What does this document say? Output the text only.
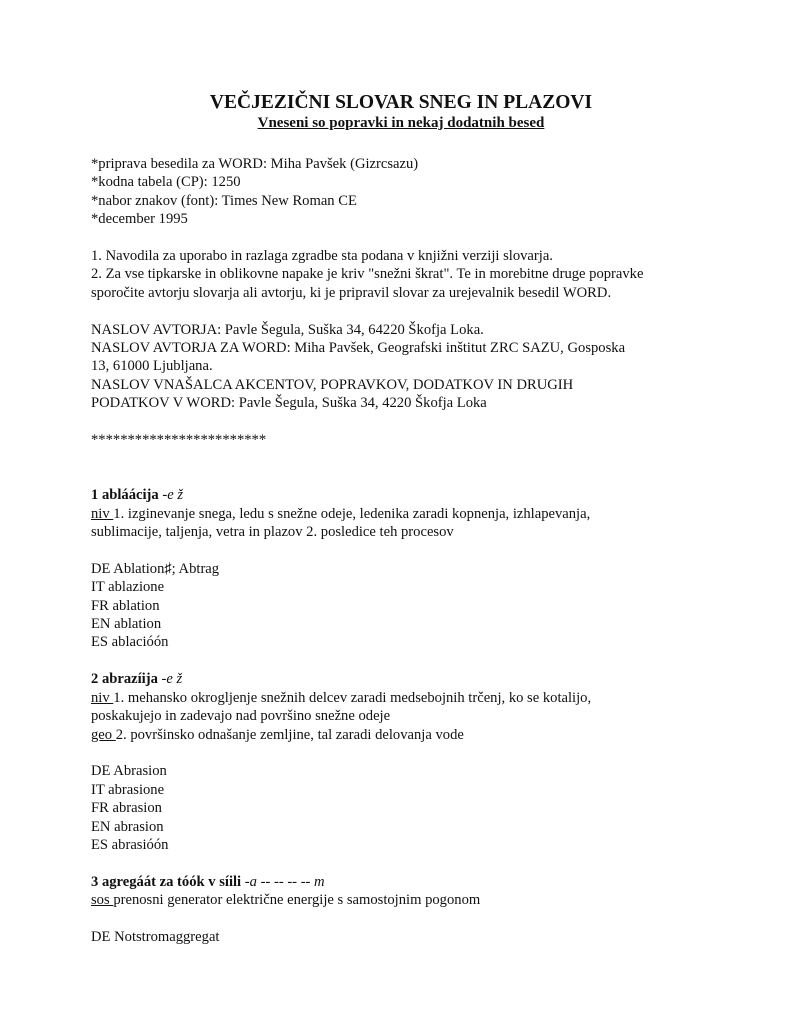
VEČJEZIČNI SLOVAR SNEG IN PLAZOVI

Vneseni so popravki in nekaj dodatnih besed

*priprava besedila za WORD: Miha Pavšek (Gizrcsazu)

*kodna tabela (CP): 1250

*nabor znakov (font): Times New Roman CE

*december 1995

1. Navodila za uporabo in razlaga zgradbe sta podana v knjižni verziji slovarja.

2. Za vse tipkarske in oblikovne napake je kriv "snežni škrat". Te in morebitne druge popravke

sporočite avtorju slovarja ali avtorju, ki je pripravil slovar za urejevalnik besedil WORD.

NASLOV AVTORJA: Pavle Šegula, Suška 34, 64220 Škofja Loka.

NASLOV AVTORJA ZA WORD: Miha Pavšek, Geografski inštitut ZRC SAZU, Gosposka

13, 61000 Ljubljana.

NASLOV VNAŠALCA AKCENTOV, POPRAVKOV, DODATKOV IN DRUGIH

PODATKOV V WORD: Pavle Šegula, Suška 34, 4220 Škofja Loka

************************

1 abláácija -e ž

niv 1. izginevanje snega, ledu s snežne odeje, ledenika zaradi kopnenja, izhlapevanja,

sublimacije, taljenja, vetra in plazov 2. posledice teh procesov

DE Ablation♯; Abtrag

IT ablazione

FR ablation

EN ablation

ES ablacióón

2 abrazíija -e ž

niv 1. mehansko okroglj​enje snežnih delcev zaradi medsebojnih trčenj, ko se kotalijo,

poskakujejo in zadevajo nad površino snežne odeje

geo 2. površinsko odnašanje zemljine, tal zaradi delovanja vode

DE Abrasion

IT abrasione

FR abrasion

EN abrasion

ES abrasióón

3 agregáát za tóók v síili -a -- -- -- -- m

sos prenosni generator električne energije s samostojnim pogonom

DE Notstromaggregat
